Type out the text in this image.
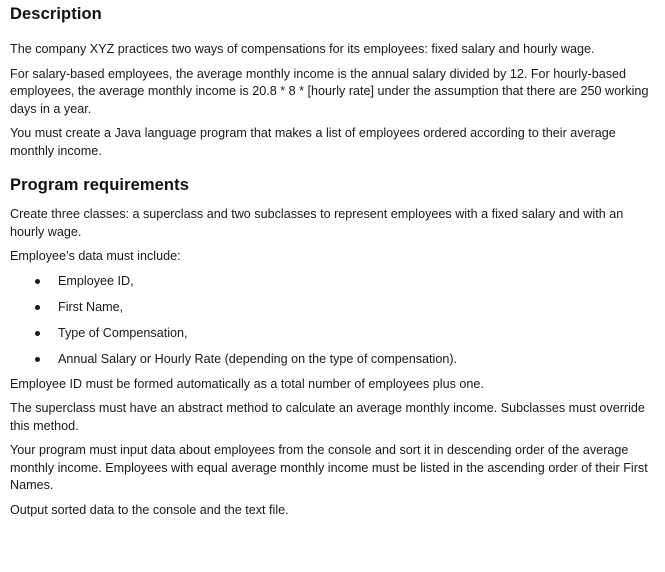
Description

The company XYZ practices two ways of compensations for its employees: fixed salary and hourly wage.

For salary-based employees, the average monthly income is the annual salary divided by 12. For hourly-based employees, the average monthly income is 20.8 * 8 * [hourly rate] under the assumption that there are 250 working days in a year.

You must create a Java language program that makes a list of employees ordered according to their average monthly income.

Program requirements

Create three classes: a superclass and two subclasses to represent employees with a fixed salary and with an hourly wage.

Employee’s data must include:

Employee ID,
First Name,
Type of Compensation,
Annual Salary or Hourly Rate (depending on the type of compensation).

Employee ID must be formed automatically as a total number of employees plus one.

The superclass must have an abstract method to calculate an average monthly income. Subclasses must override this method.

Your program must input data about employees from the console and sort it in descending order of the average monthly income. Employees with equal average monthly income must be listed in the ascending order of their First Names.

Output sorted data to the console and the text file.
